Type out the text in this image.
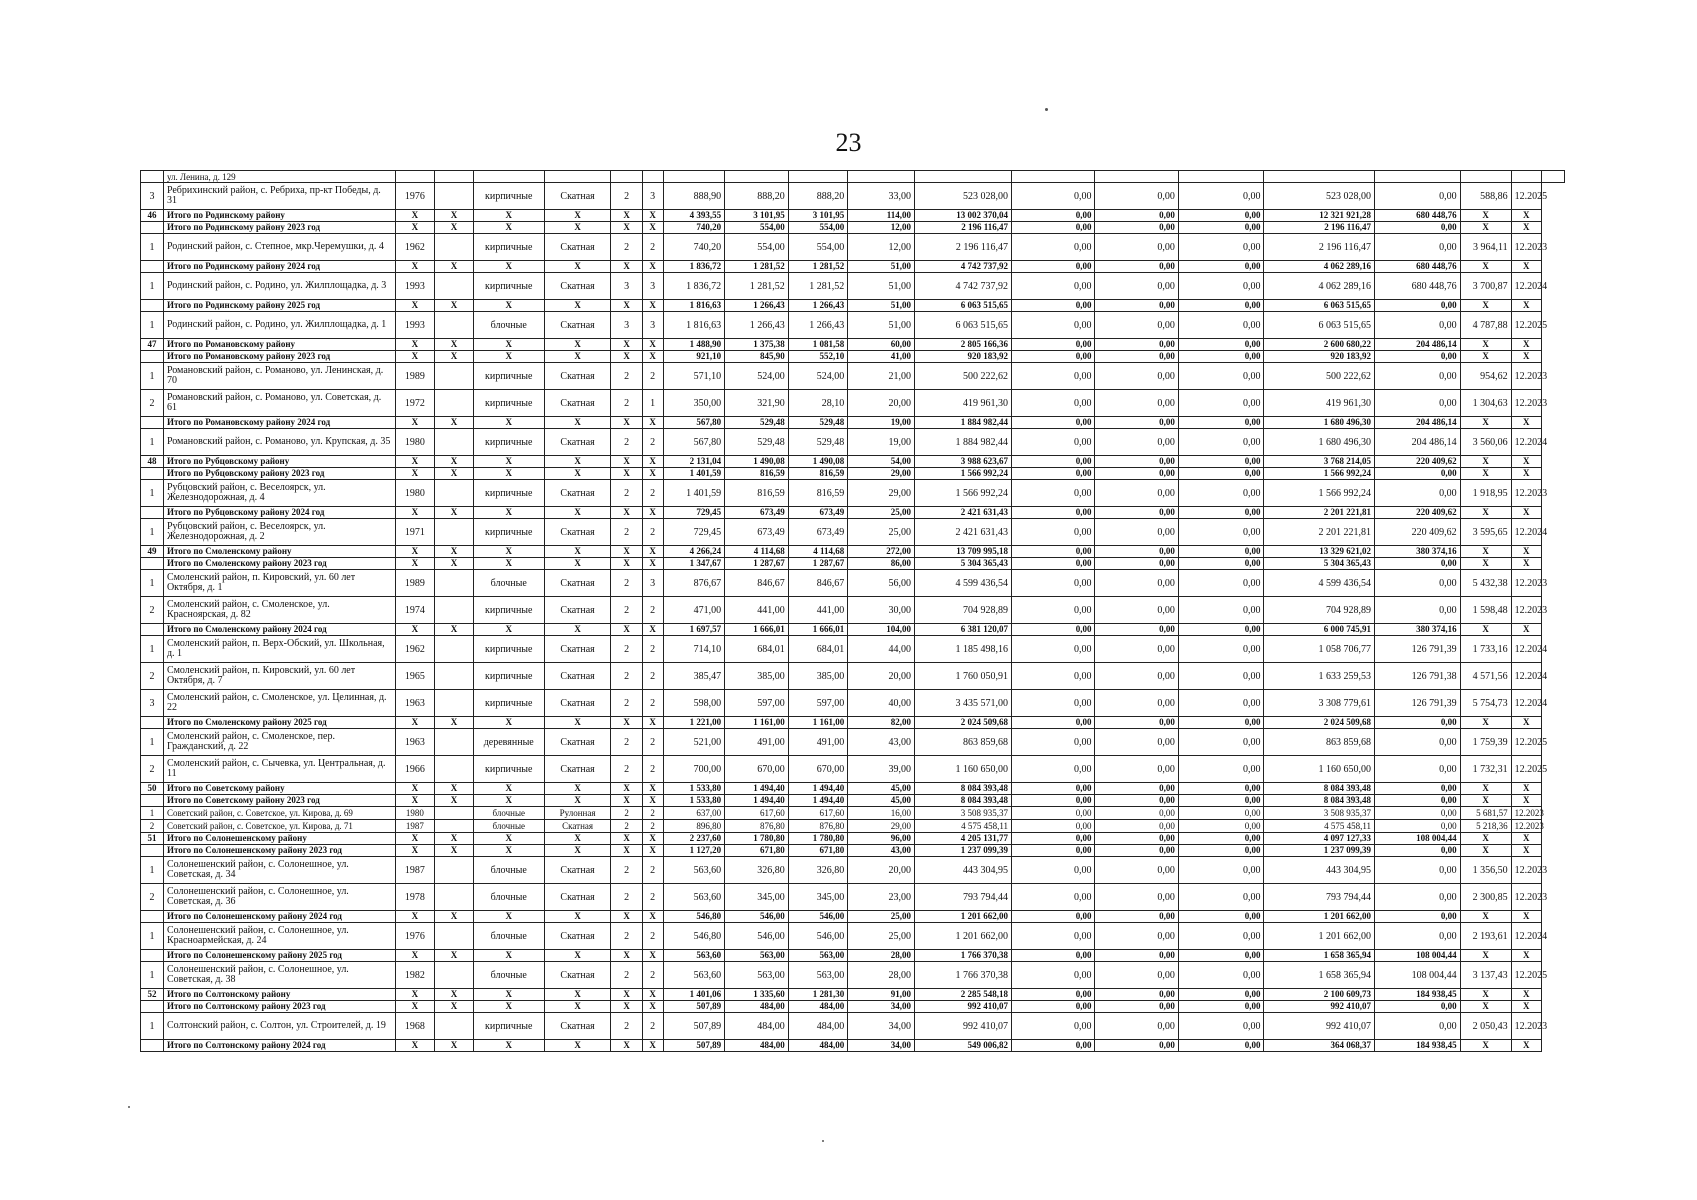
23
	ул. Ленина, д. 129																			
3	Ребрихинский район, с. Ребриха, пр-кт Победы, д. 31	1976		кирпичные	Скатная	2	3	888,90	888,20	888,20	33,00	523 028,00	0,00	0,00	0,00	523 028,00	0,00	588,86	12.2025	
46	Итого по Родинскому району	X	X	X	X	X	X	4 393,55	3 101,95	3 101,95	114,00	13 002 370,04	0,00	0,00	0,00	12 321 921,28	680 448,76	X	X	
	Итого по Родинскому району 2023 год	X	X	X	X	X	X	740,20	554,00	554,00	12,00	2 196 116,47	0,00	0,00	0,00	2 196 116,47	0,00	X	X	
1	Родинский район, с. Степное, мкр.Черемушки, д. 4	1962		кирпичные	Скатная	2	2	740,20	554,00	554,00	12,00	2 196 116,47	0,00	0,00	0,00	2 196 116,47	0,00	3 964,11	12.2023	
	Итого по Родинскому району 2024 год	X	X	X	X	X	X	1 836,72	1 281,52	1 281,52	51,00	4 742 737,92	0,00	0,00	0,00	4 062 289,16	680 448,76	X	X	
1	Родинский район, с. Родино, ул. Жилплощадка, д. 3	1993		кирпичные	Скатная	3	3	1 836,72	1 281,52	1 281,52	51,00	4 742 737,92	0,00	0,00	0,00	4 062 289,16	680 448,76	3 700,87	12.2024	
	Итого по Родинскому району 2025 год	X	X	X	X	X	X	1 816,63	1 266,43	1 266,43	51,00	6 063 515,65	0,00	0,00	0,00	6 063 515,65	0,00	X	X	
1	Родинский район, с. Родино, ул. Жилплощадка, д. 1	1993		блочные	Скатная	3	3	1 816,63	1 266,43	1 266,43	51,00	6 063 515,65	0,00	0,00	0,00	6 063 515,65	0,00	4 787,88	12.2025	
47	Итого по Романовскому району	X	X	X	X	X	X	1 488,90	1 375,38	1 081,58	60,00	2 805 166,36	0,00	0,00	0,00	2 600 680,22	204 486,14	X	X	
	Итого по Романовскому району 2023 год	X	X	X	X	X	X	921,10	845,90	552,10	41,00	920 183,92	0,00	0,00	0,00	920 183,92	0,00	X	X	
1	Романовский район, с. Романово, ул. Ленинская, д. 70	1989		кирпичные	Скатная	2	2	571,10	524,00	524,00	21,00	500 222,62	0,00	0,00	0,00	500 222,62	0,00	954,62	12.2023	
2	Романовский район, с. Романово, ул. Советская, д. 61	1972		кирпичные	Скатная	2	1	350,00	321,90	28,10	20,00	419 961,30	0,00	0,00	0,00	419 961,30	0,00	1 304,63	12.2023	
	Итого по Романовскому району 2024 год	X	X	X	X	X	X	567,80	529,48	529,48	19,00	1 884 982,44	0,00	0,00	0,00	1 680 496,30	204 486,14	X	X	
1	Романовский район, с. Романово, ул. Крупская, д. 35	1980		кирпичные	Скатная	2	2	567,80	529,48	529,48	19,00	1 884 982,44	0,00	0,00	0,00	1 680 496,30	204 486,14	3 560,06	12.2024	
48	Итого по Рубцовскому району	X	X	X	X	X	X	2 131,04	1 490,08	1 490,08	54,00	3 988 623,67	0,00	0,00	0,00	3 768 214,05	220 409,62	X	X	
	Итого по Рубцовскому району 2023 год	X	X	X	X	X	X	1 401,59	816,59	816,59	29,00	1 566 992,24	0,00	0,00	0,00	1 566 992,24	0,00	X	X	
1	Рубцовский район, с. Веселоярск, ул. Железнодорожная, д. 4	1980		кирпичные	Скатная	2	2	1 401,59	816,59	816,59	29,00	1 566 992,24	0,00	0,00	0,00	1 566 992,24	0,00	1 918,95	12.2023	
	Итого по Рубцовскому району 2024 год	X	X	X	X	X	X	729,45	673,49	673,49	25,00	2 421 631,43	0,00	0,00	0,00	2 201 221,81	220 409,62	X	X	
1	Рубцовский район, с. Веселоярск, ул. Железнодорожная, д. 2	1971		кирпичные	Скатная	2	2	729,45	673,49	673,49	25,00	2 421 631,43	0,00	0,00	0,00	2 201 221,81	220 409,62	3 595,65	12.2024	
49	Итого по Смоленскому району	X	X	X	X	X	X	4 266,24	4 114,68	4 114,68	272,00	13 709 995,18	0,00	0,00	0,00	13 329 621,02	380 374,16	X	X	
	Итого по Смоленскому району 2023 год	X	X	X	X	X	X	1 347,67	1 287,67	1 287,67	86,00	5 304 365,43	0,00	0,00	0,00	5 304 365,43	0,00	X	X	
1	Смоленский район, п. Кировский, ул. 60 лет Октября, д. 1	1989		блочные	Скатная	2	3	876,67	846,67	846,67	56,00	4 599 436,54	0,00	0,00	0,00	4 599 436,54	0,00	5 432,38	12.2023	
2	Смоленский район, с. Смоленское, ул. Краснoярская, д. 82	1974		кирпичные	Скатная	2	2	471,00	441,00	441,00	30,00	704 928,89	0,00	0,00	0,00	704 928,89	0,00	1 598,48	12.2023	
	Итого по Смоленскому району 2024 год	X	X	X	X	X	X	1 697,57	1 666,01	1 666,01	104,00	6 381 120,07	0,00	0,00	0,00	6 000 745,91	380 374,16	X	X	
1	Смоленский район, п. Верх-Обский, ул. Школьная, д. 1	1962		кирпичные	Скатная	2	2	714,10	684,01	684,01	44,00	1 185 498,16	0,00	0,00	0,00	1 058 706,77	126 791,39	1 733,16	12.2024	
2	Смоленский район, п. Кировский, ул. 60 лет Октября, д. 7	1965		кирпичные	Скатная	2	2	385,47	385,00	385,00	20,00	1 760 050,91	0,00	0,00	0,00	1 633 259,53	126 791,38	4 571,56	12.2024	
3	Смоленский район, с. Смоленское, ул. Целинная, д. 22	1963		кирпичные	Скатная	2	2	598,00	597,00	597,00	40,00	3 435 571,00	0,00	0,00	0,00	3 308 779,61	126 791,39	5 754,73	12.2024	
	Итого по Смоленскому району 2025 год	X	X	X	X	X	X	1 221,00	1 161,00	1 161,00	82,00	2 024 509,68	0,00	0,00	0,00	2 024 509,68	0,00	X	X	
1	Смоленский район, с. Смоленское, пер. Гражданский, д. 22	1963		деревянные	Скатная	2	2	521,00	491,00	491,00	43,00	863 859,68	0,00	0,00	0,00	863 859,68	0,00	1 759,39	12.2025	
2	Смоленский район, с. Сычевка, ул. Центральная, д. 11	1966		кирпичные	Скатная	2	2	700,00	670,00	670,00	39,00	1 160 650,00	0,00	0,00	0,00	1 160 650,00	0,00	1 732,31	12.2025	
50	Итого по Советскому району	X	X	X	X	X	X	1 533,80	1 494,40	1 494,40	45,00	8 084 393,48	0,00	0,00	0,00	8 084 393,48	0,00	X	X	
	Итого по Советскому району 2023 год	X	X	X	X	X	X	1 533,80	1 494,40	1 494,40	45,00	8 084 393,48	0,00	0,00	0,00	8 084 393,48	0,00	X	X	
1	Советский район, с. Советское, ул. Кирова, д. 69	1980		блочные	Рулонная	2	2	637,00	617,60	617,60	16,00	3 508 935,37	0,00	0,00	0,00	3 508 935,37	0,00	5 681,57	12.2023	
2	Советский район, с. Советское, ул. Кирова, д. 71	1987		блочные	Скатная	2	2	896,80	876,80	876,80	29,00	4 575 458,11	0,00	0,00	0,00	4 575 458,11	0,00	5 218,36	12.2023	
51	Итого по Солонешенскому району	X	X	X	X	X	X	2 237,60	1 780,80	1 780,80	96,00	4 205 131,77	0,00	0,00	0,00	4 097 127,33	108 004,44	X	X	
	Итого по Солонешенскому району 2023 год	X	X	X	X	X	X	1 127,20	671,80	671,80	43,00	1 237 099,39	0,00	0,00	0,00	1 237 099,39	0,00	X	X	
1	Солонешенский район, с. Солонешное, ул. Советская, д. 34	1987		блочные	Скатная	2	2	563,60	326,80	326,80	20,00	443 304,95	0,00	0,00	0,00	443 304,95	0,00	1 356,50	12.2023	
2	Солонешенский район, с. Солонешное, ул. Советская, д. 36	1978		блочные	Скатная	2	2	563,60	345,00	345,00	23,00	793 794,44	0,00	0,00	0,00	793 794,44	0,00	2 300,85	12.2023	
	Итого по Солонешенскому району 2024 год	X	X	X	X	X	X	546,80	546,00	546,00	25,00	1 201 662,00	0,00	0,00	0,00	1 201 662,00	0,00	X	X	
1	Солонешенский район, с. Солонешное, ул. Красноармейская, д. 24	1976		блочные	Скатная	2	2	546,80	546,00	546,00	25,00	1 201 662,00	0,00	0,00	0,00	1 201 662,00	0,00	2 193,61	12.2024	
	Итого по Солонешенскому району 2025 год	X	X	X	X	X	X	563,60	563,00	563,00	28,00	1 766 370,38	0,00	0,00	0,00	1 658 365,94	108 004,44	X	X	
1	Солонешенский район, с. Солонешное, ул. Советская, д. 38	1982		блочные	Скатная	2	2	563,60	563,00	563,00	28,00	1 766 370,38	0,00	0,00	0,00	1 658 365,94	108 004,44	3 137,43	12.2025	
52	Итого по Солтонскому району	X	X	X	X	X	X	1 401,06	1 335,60	1 281,30	91,00	2 285 548,18	0,00	0,00	0,00	2 100 609,73	184 938,45	X	X	
	Итого по Солтонскому району 2023 год	X	X	X	X	X	X	507,89	484,00	484,00	34,00	992 410,07	0,00	0,00	0,00	992 410,07	0,00	X	X	
1	Солтонский район, с. Солтон, ул. Строителей, д. 19	1968		кирпичные	Скатная	2	2	507,89	484,00	484,00	34,00	992 410,07	0,00	0,00	0,00	992 410,07	0,00	2 050,43	12.2023	
	Итого по Солтонскому району 2024 год	X	X	X	X	X	X	507,89	484,00	484,00	34,00	549 006,82	0,00	0,00	0,00	364 068,37	184 938,45	X	X	
